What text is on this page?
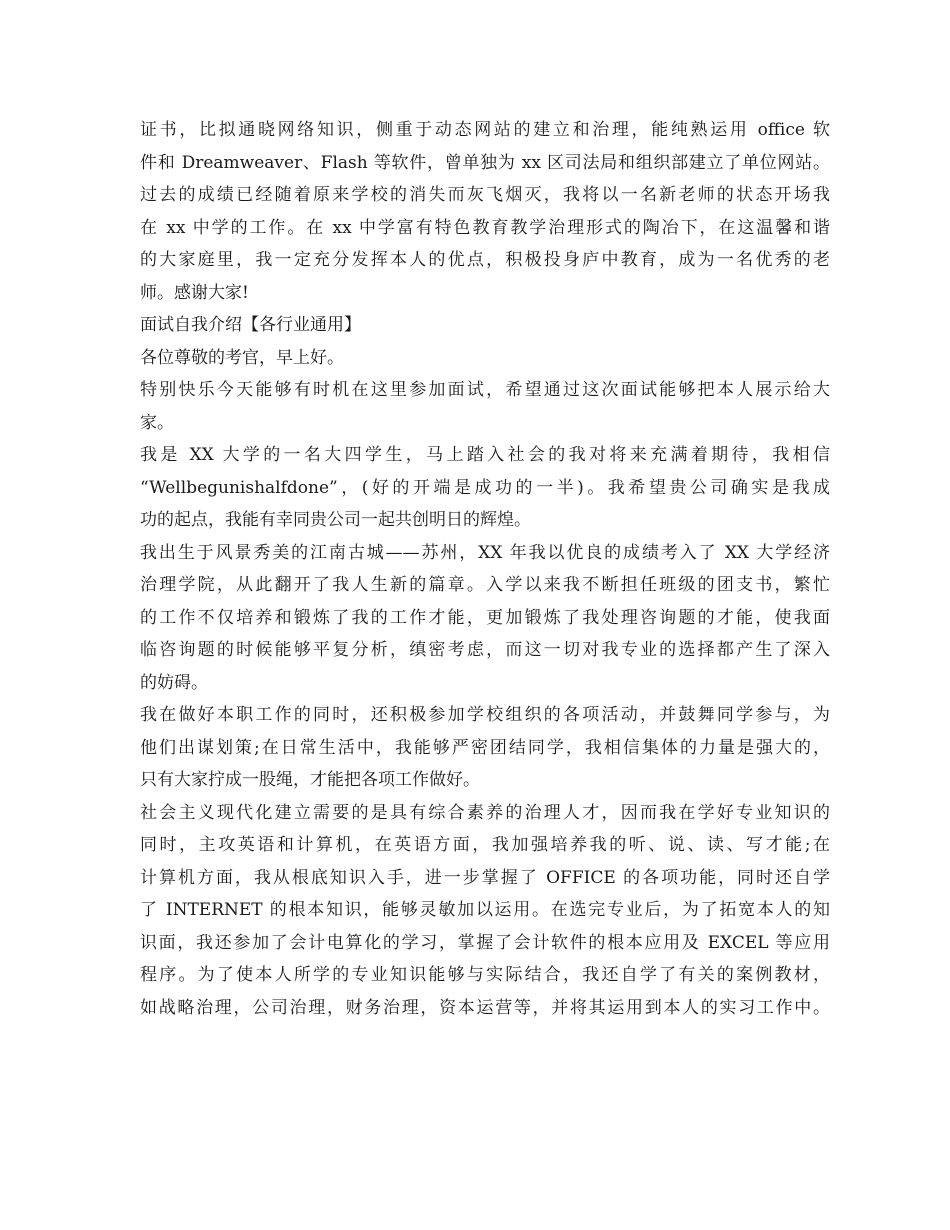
证书，比拟通晓网络知识，侧重于动态网站的建立和治理，能纯熟运用 office 软
件和 Dreamweaver、Flash 等软件，曾单独为 xx 区司法局和组织部建立了单位网站。
过去的成绩已经随着原来学校的消失而灰飞烟灭，我将以一名新老师的状态开场我
在 xx 中学的工作。在 xx 中学富有特色教育教学治理形式的陶冶下，在这温馨和谐
的大家庭里，我一定充分发挥本人的优点，积极投身庐中教育，成为一名优秀的老
师。感谢大家!
面试自我介绍【各行业通用】
各位尊敬的考官，早上好。
特别快乐今天能够有时机在这里参加面试，希望通过这次面试能够把本人展示给大
家。
我是 XX 大学的一名大四学生，马上踏入社会的我对将来充满着期待，我相信
“Wellbegunishalfdone”，(好的开端是成功的一半)。我希望贵公司确实是我成
功的起点，我能有幸同贵公司一起共创明日的辉煌。
我出生于风景秀美的江南古城——苏州，XX 年我以优良的成绩考入了 XX 大学经济
治理学院，从此翻开了我人生新的篇章。入学以来我不断担任班级的团支书，繁忙
的工作不仅培养和锻炼了我的工作才能，更加锻炼了我处理咨询题的才能，使我面
临咨询题的时候能够平复分析，缜密考虑，而这一切对我专业的选择都产生了深入
的妨碍。
我在做好本职工作的同时，还积极参加学校组织的各项活动，并鼓舞同学参与，为
他们出谋划策;在日常生活中，我能够严密团结同学，我相信集体的力量是强大的，
只有大家拧成一股绳，才能把各项工作做好。
社会主义现代化建立需要的是具有综合素养的治理人才，因而我在学好专业知识的
同时，主攻英语和计算机，在英语方面，我加强培养我的听、说、读、写才能;在
计算机方面，我从根底知识入手，进一步掌握了 OFFICE 的各项功能，同时还自学
了 INTERNET 的根本知识，能够灵敏加以运用。在选完专业后，为了拓宽本人的知
识面，我还参加了会计电算化的学习，掌握了会计软件的根本应用及 EXCEL 等应用
程序。为了使本人所学的专业知识能够与实际结合，我还自学了有关的案例教材，
如战略治理，公司治理，财务治理，资本运营等，并将其运用到本人的实习工作中。
